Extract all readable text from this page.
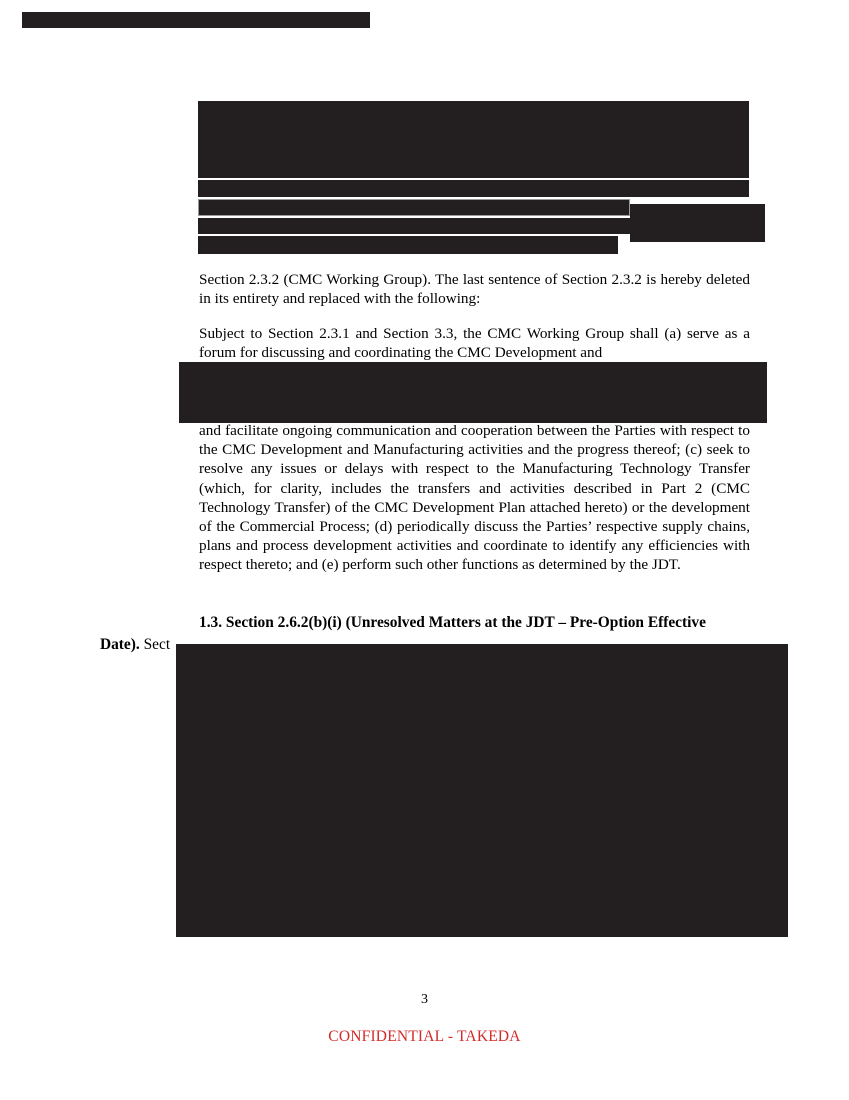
Section 2.3.2 (CMC Working Group). The last sentence of Section 2.3.2 is hereby deleted in its entirety and replaced with the following:

Subject to Section 2.3.1 and Section 3.3, the CMC Working Group shall (a) serve as a forum for discussing and coordinating the CMC Development and

and facilitate ongoing communication and cooperation between the Parties with respect to the CMC Development and Manufacturing activities and the progress thereof; (c) seek to resolve any issues or delays with respect to the Manufacturing Technology Transfer (which, for clarity, includes the transfers and activities described in Part 2 (CMC Technology Transfer) of the CMC Development Plan attached hereto) or the development of the Commercial Process; (d) periodically discuss the Parties’ respective supply chains, plans and process development activities and coordinate to identify any efficiencies with respect thereto; and (e) perform such other functions as determined by the JDT.

1.3. Section 2.6.2(b)(i) (Unresolved Matters at the JDT – Pre-Option Effective

Date). Sect

3
CONFIDENTIAL - TAKEDA
